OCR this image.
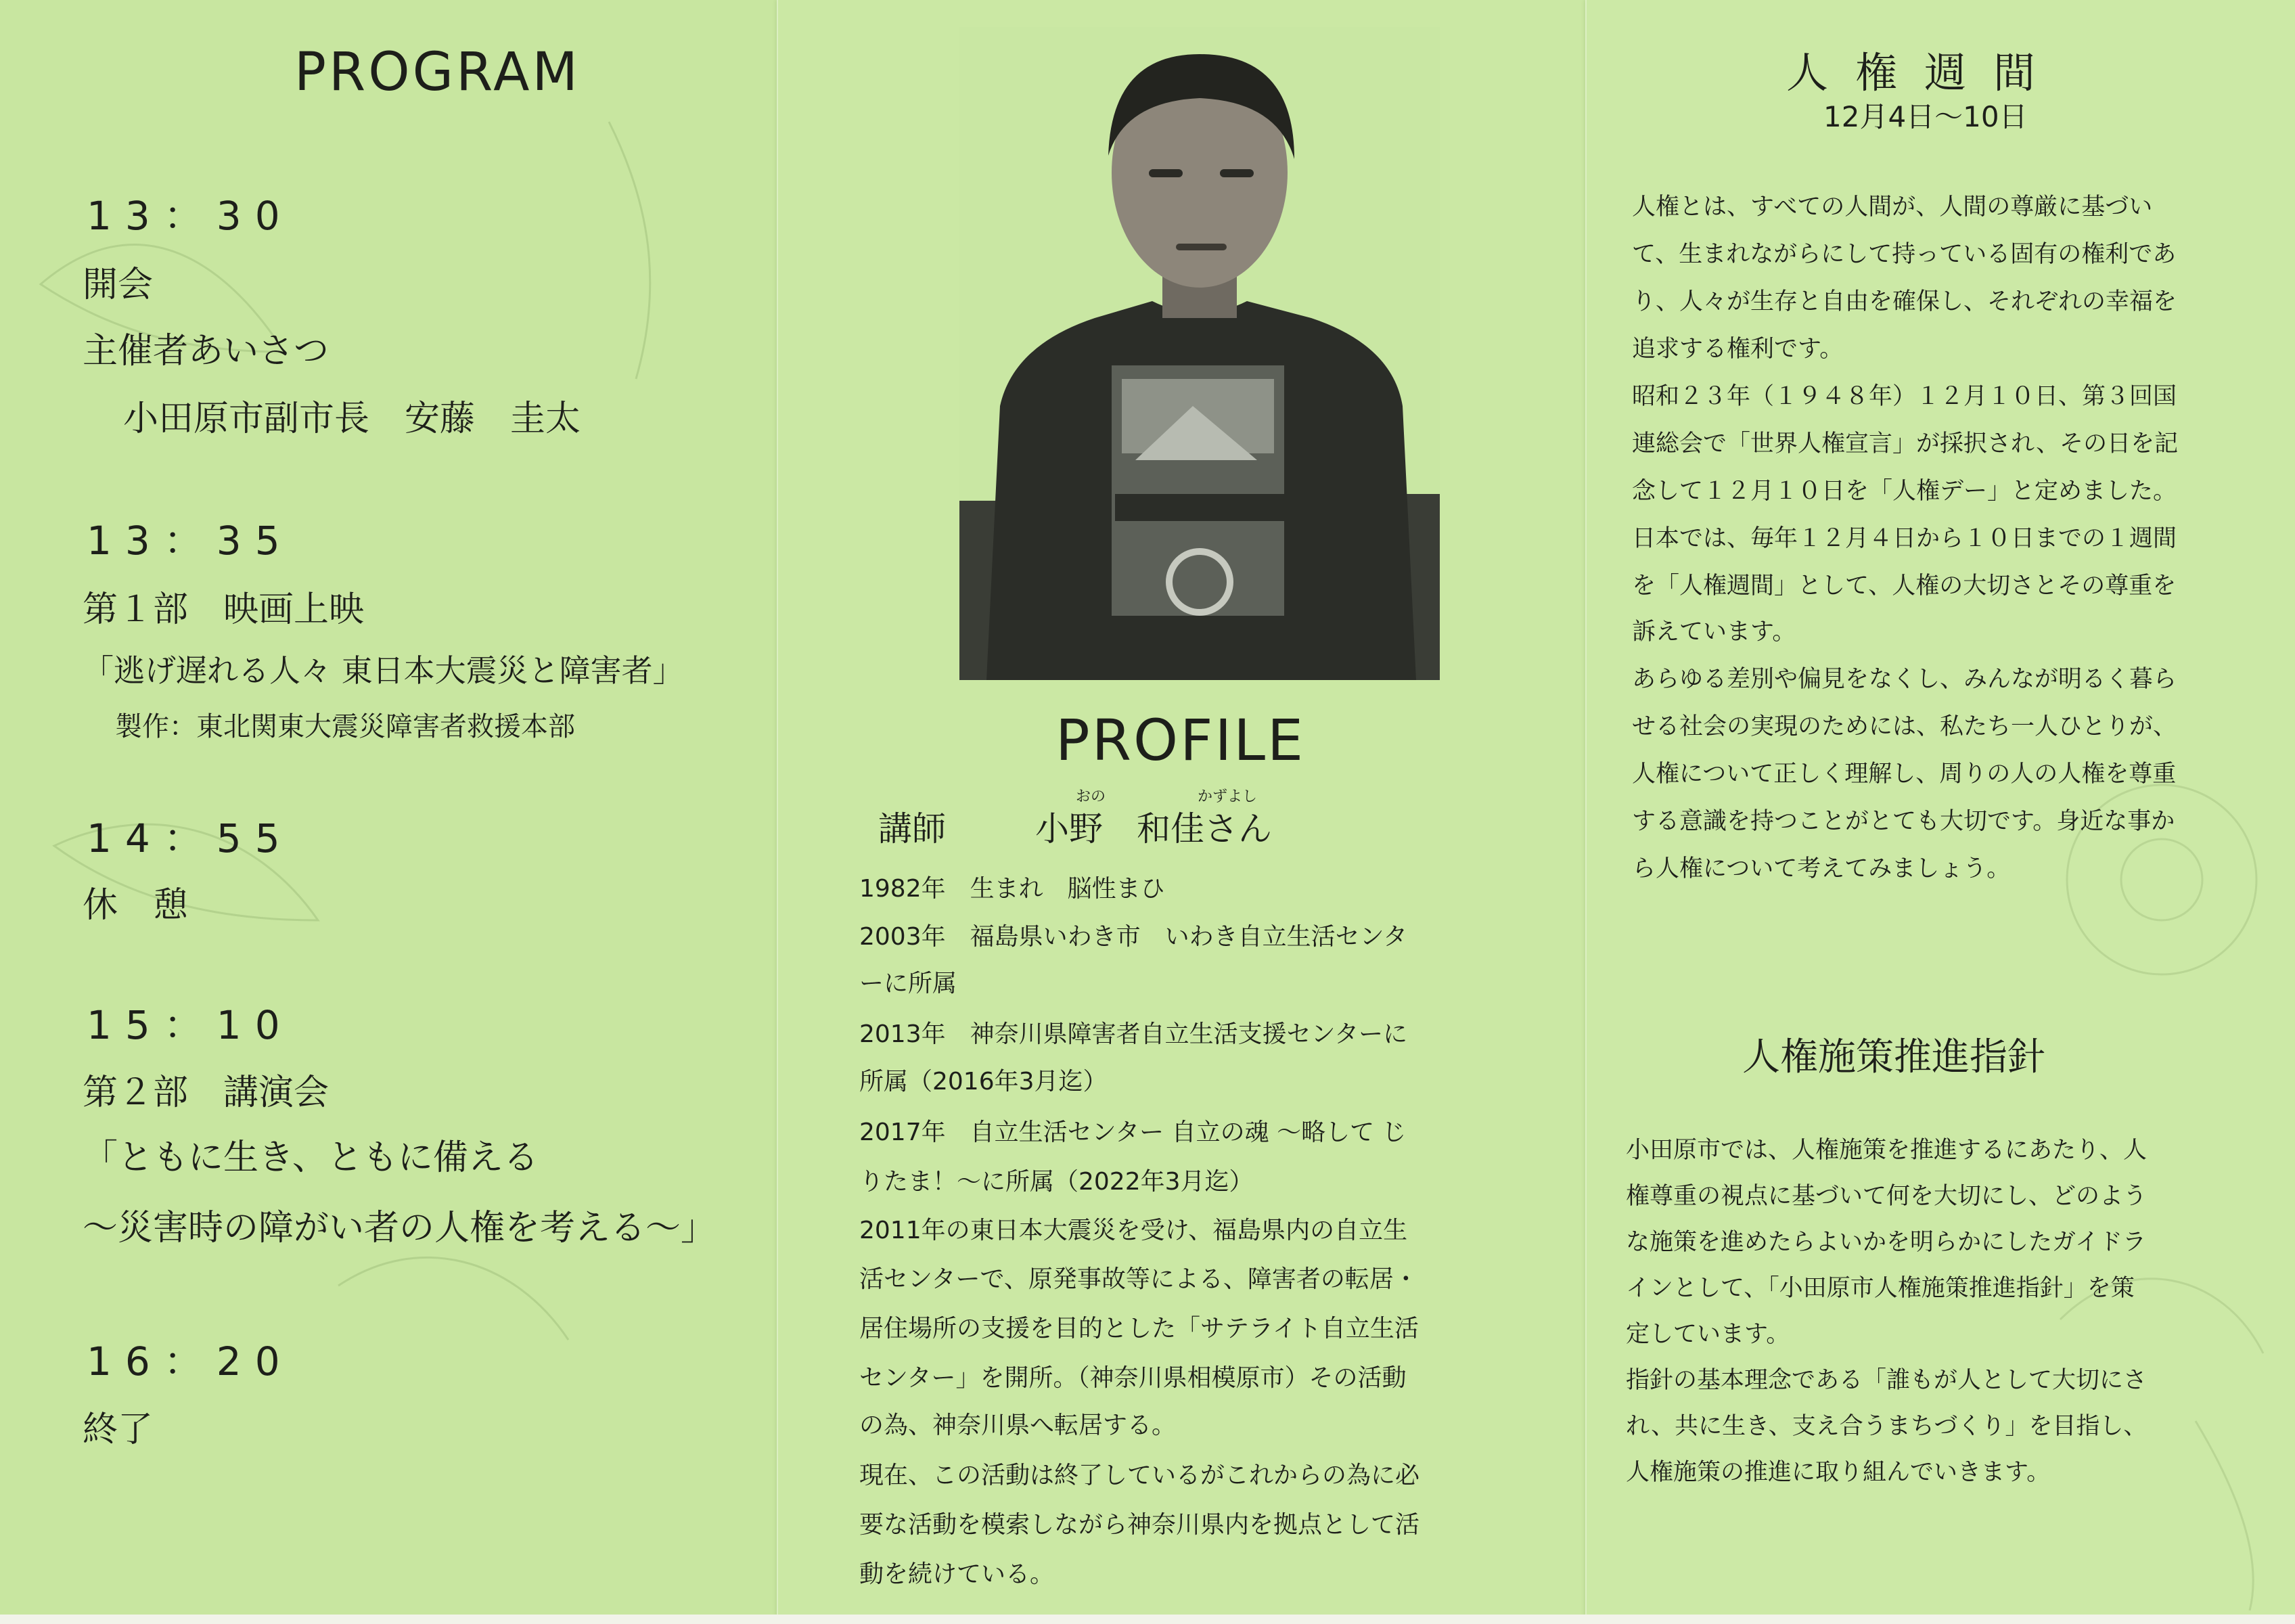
PROGRAM
13：30
開会
主催者あいさつ
小田原市副市長　安藤　圭太
13：35
第１部　映画上映
「逃げ遅れる人々 東日本大震災と障害者」
製作：東北関東大震災障害者救援本部
14：55
休　憩
15：10
第２部　講演会
「ともに生き、ともに備える
～災害時の障がい者の人権を考える～」
16：20
終了
PROFILE
おの	かずよし
講師	小野　和佳さん
1982年　生まれ　脳性まひ
2003年　福島県いわき市　いわき自立生活センタ
ーに所属
2013年　神奈川県障害者自立生活支援センターに
所属（2016年3月迄）
2017年　自立生活センター 自立の魂 ～略して じ
りたま！～に所属（2022年3月迄）
2011年の東日本大震災を受け、福島県内の自立生
活センターで、原発事故等による、障害者の転居・
居住場所の支援を目的とした「サテライト自立生活
センター」を開所。（神奈川県相模原市）その活動
の為、神奈川県へ転居する。
現在、この活動は終了しているがこれからの為に必
要な活動を模索しながら神奈川県内を拠点として活
動を続けている。
人権週間
12月4日～10日
人権とは、すべての人間が、人間の尊厳に基づい
て、生まれながらにして持っている固有の権利であ
り、人々が生存と自由を確保し、それぞれの幸福を
追求する権利です。
昭和２３年（１９４８年）１２月１０日、第３回国
連総会で「世界人権宣言」が採択され、その日を記
念して１２月１０日を「人権デー」と定めました。
日本では、毎年１２月４日から１０日までの１週間
を「人権週間」として、人権の大切さとその尊重を
訴えています。
あらゆる差別や偏見をなくし、みんなが明るく暮ら
せる社会の実現のためには、私たち一人ひとりが、
人権について正しく理解し、周りの人の人権を尊重
する意識を持つことがとても大切です。身近な事か
ら人権について考えてみましょう。
人権施策推進指針
小田原市では、人権施策を推進するにあたり、人
権尊重の視点に基づいて何を大切にし、どのよう
な施策を進めたらよいかを明らかにしたガイドラ
インとして、「小田原市人権施策推進指針」を策
定しています。
指針の基本理念である「誰もが人として大切にさ
れ、共に生き、支え合うまちづくり」を目指し、
人権施策の推進に取り組んでいきます。
